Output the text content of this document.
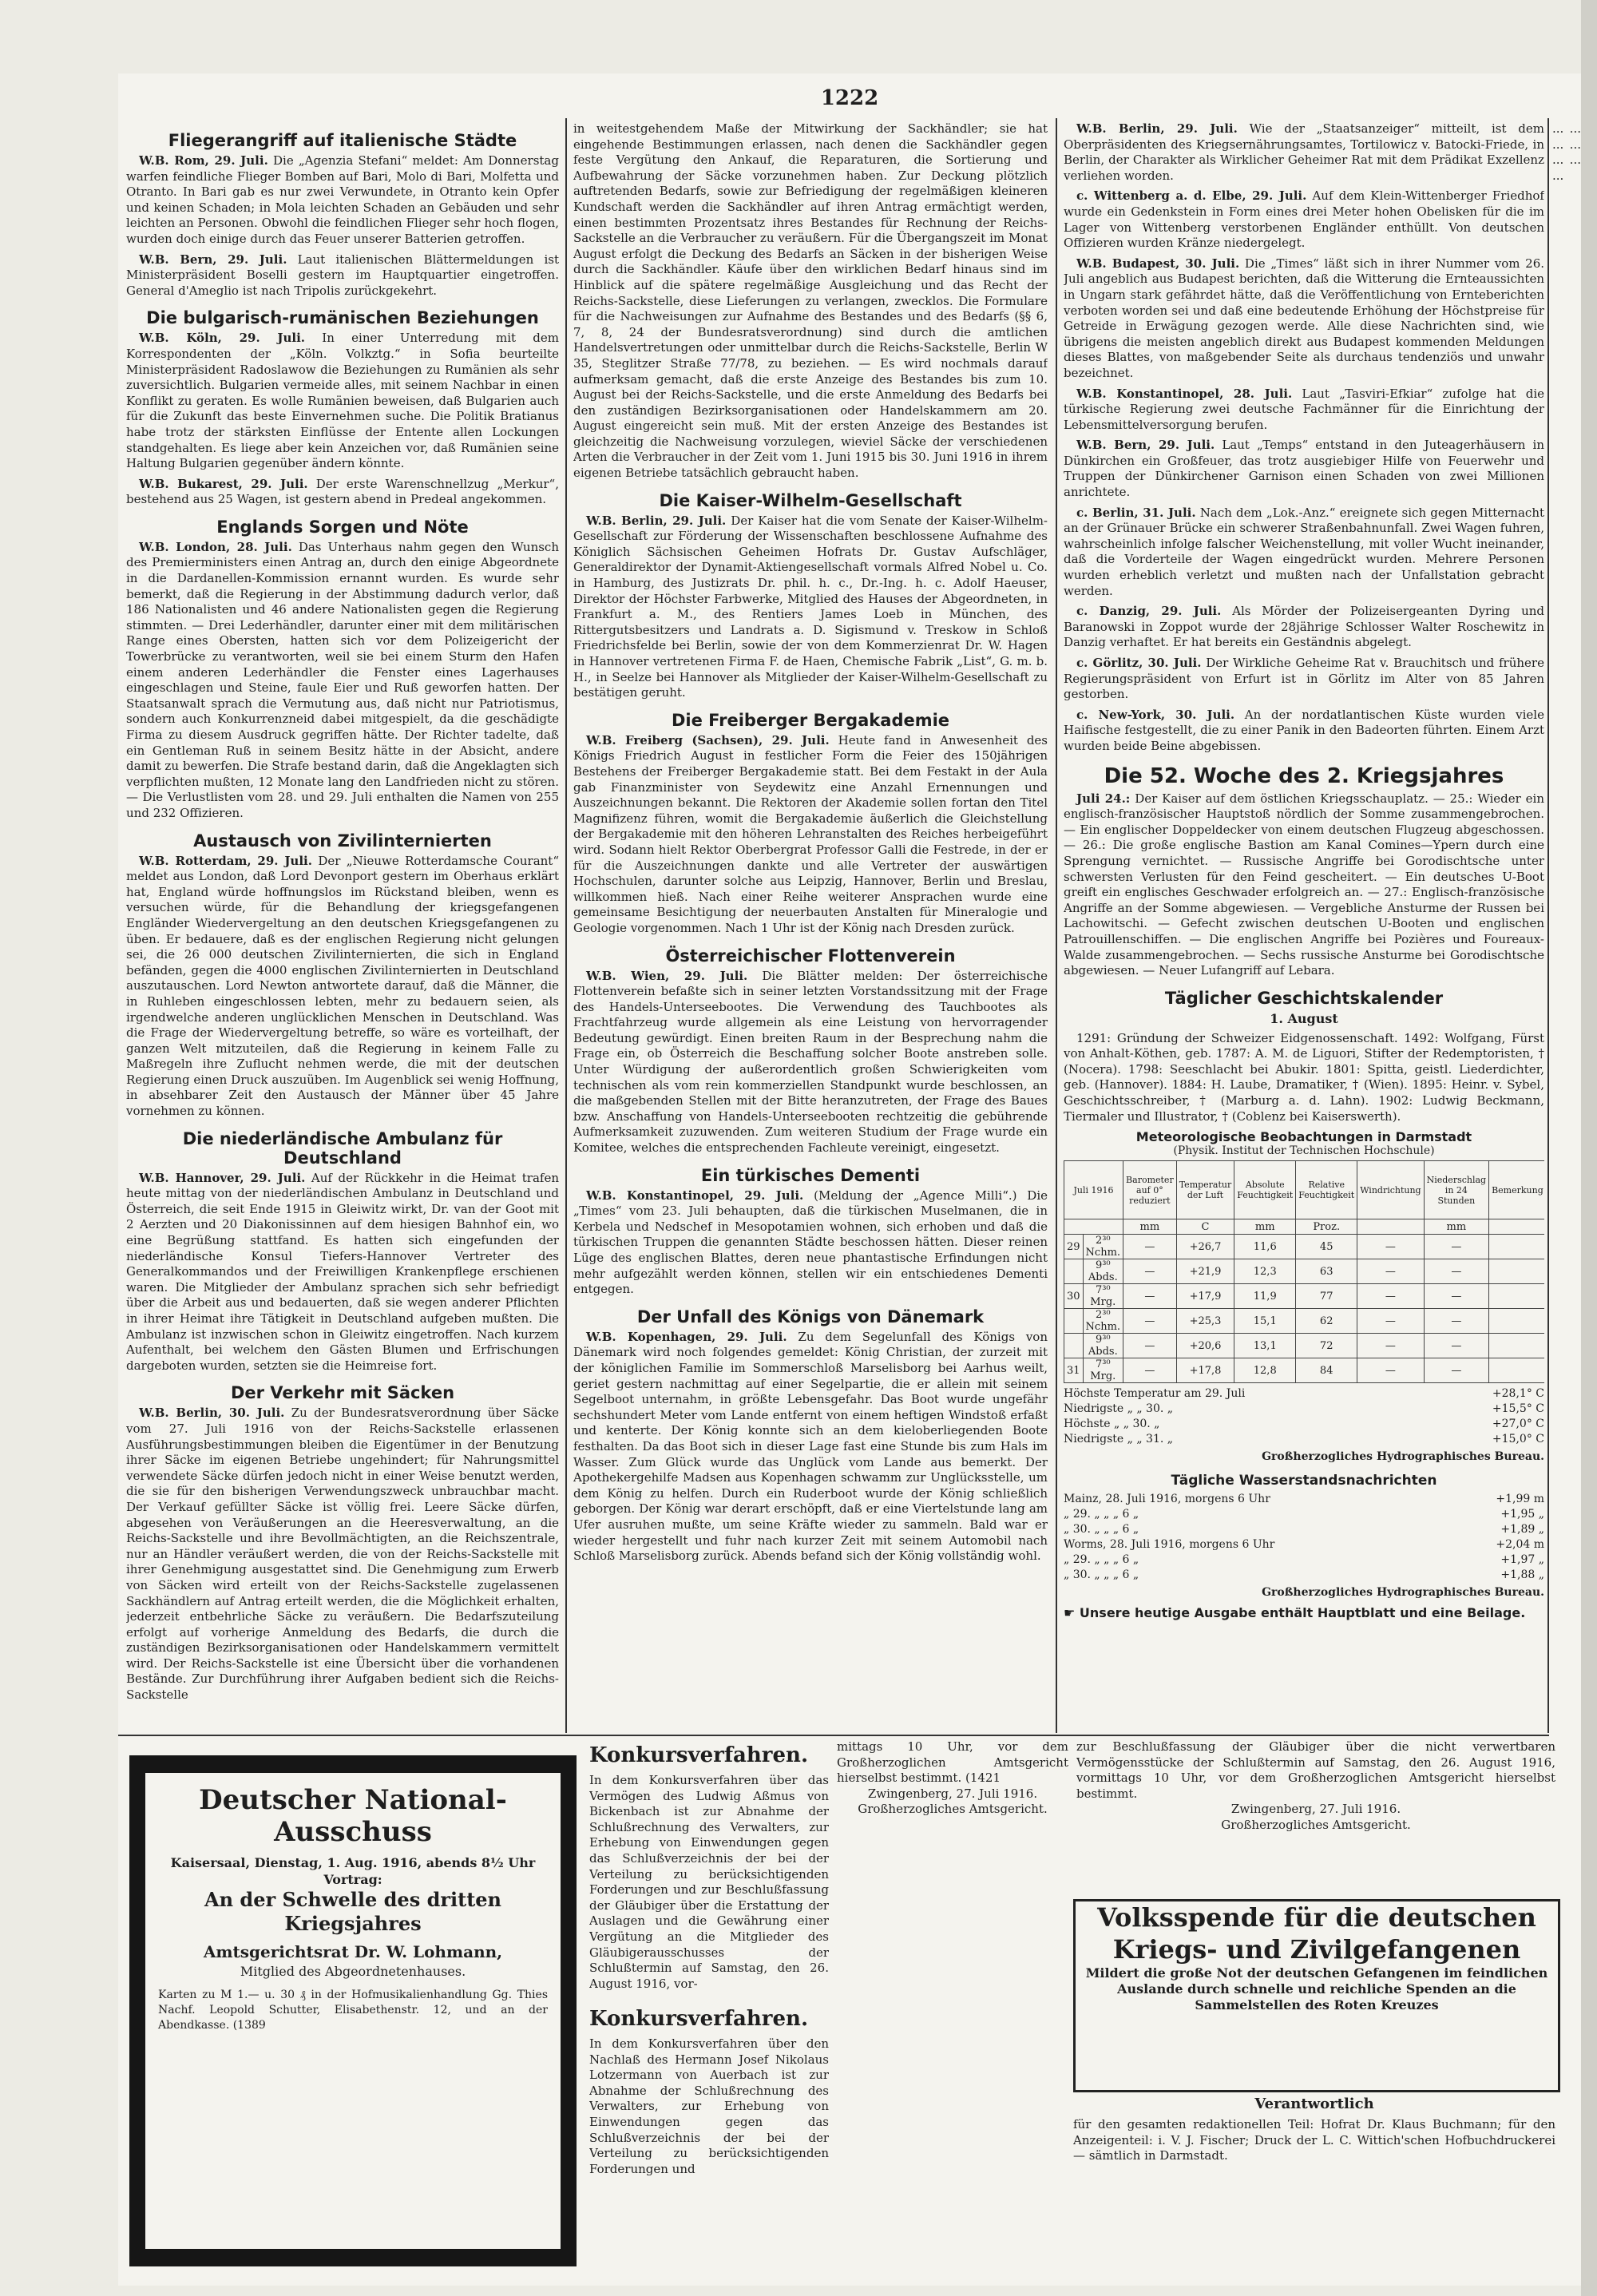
1222
Fliegerangriff auf italienische Städte

W.B. Rom, 29. Juli. Die „Agenzia Stefani“ meldet: Am Donnerstag warfen feindliche Flieger Bomben auf Bari, Molo di Bari, Molfetta und Otranto. In Bari gab es nur zwei Verwundete, in Otranto kein Opfer und keinen Schaden; in Mola leichten Schaden an Gebäuden und sehr leichten an Personen. Obwohl die feindlichen Flieger sehr hoch flogen, wurden doch einige durch das Feuer unserer Batterien getroffen.

W.B. Bern, 29. Juli. Laut italienischen Blättermeldungen ist Ministerpräsident Boselli gestern im Hauptquartier eingetroffen. General d'Ameglio ist nach Tripolis zurückgekehrt.

Die bulgarisch-rumänischen Beziehungen

W.B. Köln, 29. Juli. In einer Unterredung mit dem Korrespondenten der „Köln. Volkztg.“ in Sofia beurteilte Ministerpräsident Radoslawow die Beziehungen zu Rumänien als sehr zuversichtlich. Bulgarien vermeide alles, mit seinem Nachbar in einen Konflikt zu geraten. Es wolle Rumänien beweisen, daß Bulgarien auch für die Zukunft das beste Einvernehmen suche. Die Politik Bratianus habe trotz der stärksten Einflüsse der Entente allen Lockungen standgehalten. Es liege aber kein Anzeichen vor, daß Rumänien seine Haltung Bulgarien gegenüber ändern könnte.

W.B. Bukarest, 29. Juli. Der erste Warenschnellzug „Merkur“, bestehend aus 25 Wagen, ist gestern abend in Predeal angekommen.

Englands Sorgen und Nöte

W.B. London, 28. Juli. Das Unterhaus nahm gegen den Wunsch des Premierministers einen Antrag an, durch den einige Abgeordnete in die Dardanellen-Kommission ernannt wurden. Es wurde sehr bemerkt, daß die Regierung in der Abstimmung dadurch verlor, daß 186 Nationalisten und 46 andere Nationalisten gegen die Regierung stimmten. — Drei Lederhändler, darunter einer mit dem militärischen Range eines Obersten, hatten sich vor dem Polizeigericht der Towerbrücke zu verantworten, weil sie bei einem Sturm den Hafen einem anderen Lederhändler die Fenster eines Lagerhauses eingeschlagen und Steine, faule Eier und Ruß geworfen hatten. Der Staatsanwalt sprach die Vermutung aus, daß nicht nur Patriotismus, sondern auch Konkurrenzneid dabei mitgespielt, da die geschädigte Firma zu diesem Ausdruck gegriffen hätte. Der Richter tadelte, daß ein Gentleman Ruß in seinem Besitz hätte in der Absicht, andere damit zu bewerfen. Die Strafe bestand darin, daß die Angeklagten sich verpflichten mußten, 12 Monate lang den Landfrieden nicht zu stören. — Die Verlustlisten vom 28. und 29. Juli enthalten die Namen von 255 und 232 Offizieren.

Austausch von Zivilinternierten

W.B. Rotterdam, 29. Juli. Der „Nieuwe Rotterdamsche Courant“ meldet aus London, daß Lord Devonport gestern im Oberhaus erklärt hat, England würde hoffnungslos im Rückstand bleiben, wenn es versuchen würde, für die Behandlung der kriegsgefangenen Engländer Wiedervergeltung an den deutschen Kriegsgefangenen zu üben. Er bedauere, daß es der englischen Regierung nicht gelungen sei, die 26 000 deutschen Zivilinternierten, die sich in England befänden, gegen die 4000 englischen Zivilinternierten in Deutschland auszutauschen. Lord Newton antwortete darauf, daß die Männer, die in Ruhleben eingeschlossen lebten, mehr zu bedauern seien, als irgendwelche anderen unglücklichen Menschen in Deutschland. Was die Frage der Wiedervergeltung betreffe, so wäre es vorteilhaft, der ganzen Welt mitzuteilen, daß die Regierung in keinem Falle zu Maßregeln ihre Zuflucht nehmen werde, die mit der deutschen Regierung einen Druck auszuüben. Im Augenblick sei wenig Hoffnung, in absehbarer Zeit den Austausch der Männer über 45 Jahre vornehmen zu können.

Die niederländische Ambulanz für Deutschland

W.B. Hannover, 29. Juli. Auf der Rückkehr in die Heimat trafen heute mittag von der niederländischen Ambulanz in Deutschland und Österreich, die seit Ende 1915 in Gleiwitz wirkt, Dr. van der Goot mit 2 Aerzten und 20 Diakonissinnen auf dem hiesigen Bahnhof ein, wo eine Begrüßung stattfand. Es hatten sich eingefunden der niederländische Konsul Tiefers-Hannover Vertreter des Generalkommandos und der Freiwilligen Krankenpflege erschienen waren. Die Mitglieder der Ambulanz sprachen sich sehr befriedigt über die Arbeit aus und bedauerten, daß sie wegen anderer Pflichten in ihrer Heimat ihre Tätigkeit in Deutschland aufgeben mußten. Die Ambulanz ist inzwischen schon in Gleiwitz eingetroffen. Nach kurzem Aufenthalt, bei welchem den Gästen Blumen und Erfrischungen dargeboten wurden, setzten sie die Heimreise fort.

Der Verkehr mit Säcken

W.B. Berlin, 30. Juli. Zu der Bundesratsverordnung über Säcke vom 27. Juli 1916 von der Reichs-Sackstelle erlassenen Ausführungsbestimmungen bleiben die Eigentümer in der Benutzung ihrer Säcke im eigenen Betriebe ungehindert; für Nahrungsmittel verwendete Säcke dürfen jedoch nicht in einer Weise benutzt werden, die sie für den bisherigen Verwendungszweck unbrauchbar macht. Der Verkauf gefüllter Säcke ist völlig frei. Leere Säcke dürfen, abgesehen von Veräußerungen an die Heeresverwaltung, an die Reichs-Sackstelle und ihre Bevollmächtigten, an die Reichszentrale, nur an Händler veräußert werden, die von der Reichs-Sackstelle mit ihrer Genehmigung ausgestattet sind. Die Genehmigung zum Erwerb von Säcken wird erteilt von der Reichs-Sackstelle zugelassenen Sackhändlern auf Antrag erteilt werden, die die Möglichkeit erhalten, jederzeit entbehrliche Säcke zu veräußern. Die Bedarfszuteilung erfolgt auf vorherige Anmeldung des Bedarfs, die durch die zuständigen Bezirksorganisationen oder Handelskammern vermittelt wird. Der Reichs-Sackstelle ist eine Übersicht über die vorhandenen Bestände. Zur Durchführung ihrer Aufgaben bedient sich die Reichs-Sackstelle

in weitestgehendem Maße der Mitwirkung der Sackhändler; sie hat eingehende Bestimmungen erlassen, nach denen die Sackhändler gegen feste Vergütung den Ankauf, die Reparaturen, die Sortierung und Aufbewahrung der Säcke vorzunehmen haben. Zur Deckung plötzlich auftretenden Bedarfs, sowie zur Befriedigung der regelmäßigen kleineren Kundschaft werden die Sackhändler auf ihren Antrag ermächtigt werden, einen bestimmten Prozentsatz ihres Bestandes für Rechnung der Reichs-Sackstelle an die Verbraucher zu veräußern. Für die Übergangszeit im Monat August erfolgt die Deckung des Bedarfs an Säcken in der bisherigen Weise durch die Sackhändler. Käufe über den wirklichen Bedarf hinaus sind im Hinblick auf die spätere regelmäßige Ausgleichung und das Recht der Reichs-Sackstelle, diese Lieferungen zu verlangen, zwecklos. Die Formulare für die Nachweisungen zur Aufnahme des Bestandes und des Bedarfs (§§ 6, 7, 8, 24 der Bundesratsverordnung) sind durch die amtlichen Handelsvertretungen oder unmittelbar durch die Reichs-Sackstelle, Berlin W 35, Steglitzer Straße 77/78, zu beziehen. — Es wird nochmals darauf aufmerksam gemacht, daß die erste Anzeige des Bestandes bis zum 10. August bei der Reichs-Sackstelle, und die erste Anmeldung des Bedarfs bei den zuständigen Bezirksorganisationen oder Handelskammern am 20. August eingereicht sein muß. Mit der ersten Anzeige des Bestandes ist gleichzeitig die Nachweisung vorzulegen, wieviel Säcke der verschiedenen Arten die Verbraucher in der Zeit vom 1. Juni 1915 bis 30. Juni 1916 in ihrem eigenen Betriebe tatsächlich gebraucht haben.

Die Kaiser-Wilhelm-Gesellschaft

W.B. Berlin, 29. Juli. Der Kaiser hat die vom Senate der Kaiser-Wilhelm-Gesellschaft zur Förderung der Wissenschaften beschlossene Aufnahme des Königlich Sächsischen Geheimen Hofrats Dr. Gustav Aufschläger, Generaldirektor der Dynamit-Aktiengesellschaft vormals Alfred Nobel u. Co. in Hamburg, des Justizrats Dr. phil. h. c., Dr.-Ing. h. c. Adolf Haeuser, Direktor der Höchster Farbwerke, Mitglied des Hauses der Abgeordneten, in Frankfurt a. M., des Rentiers James Loeb in München, des Rittergutsbesitzers und Landrats a. D. Sigismund v. Treskow in Schloß Friedrichsfelde bei Berlin, sowie der von dem Kommerzienrat Dr. W. Hagen in Hannover vertretenen Firma F. de Haen, Chemische Fabrik „List“, G. m. b. H., in Seelze bei Hannover als Mitglieder der Kaiser-Wilhelm-Gesellschaft zu bestätigen geruht.

Die Freiberger Bergakademie

W.B. Freiberg (Sachsen), 29. Juli. Heute fand in Anwesenheit des Königs Friedrich August in festlicher Form die Feier des 150jährigen Bestehens der Freiberger Bergakademie statt. Bei dem Festakt in der Aula gab Finanzminister von Seydewitz eine Anzahl Ernennungen und Auszeichnungen bekannt. Die Rektoren der Akademie sollen fortan den Titel Magnifizenz führen, womit die Bergakademie äußerlich die Gleichstellung der Bergakademie mit den höheren Lehranstalten des Reiches herbeigeführt wird. Sodann hielt Rektor Oberbergrat Professor Galli die Festrede, in der er für die Auszeichnungen dankte und alle Vertreter der auswärtigen Hochschulen, darunter solche aus Leipzig, Hannover, Berlin und Breslau, willkommen hieß. Nach einer Reihe weiterer Ansprachen wurde eine gemeinsame Besichtigung der neuerbauten Anstalten für Mineralogie und Geologie vorgenommen. Nach 1 Uhr ist der König nach Dresden zurück.

Österreichischer Flottenverein

W.B. Wien, 29. Juli. Die Blätter melden: Der österreichische Flottenverein befaßte sich in seiner letzten Vorstandssitzung mit der Frage des Handels-Unterseebootes. Die Verwendung des Tauchbootes als Frachtfahrzeug wurde allgemein als eine Leistung von hervorragender Bedeutung gewürdigt. Einen breiten Raum in der Besprechung nahm die Frage ein, ob Österreich die Beschaffung solcher Boote anstreben solle. Unter Würdigung der außerordentlich großen Schwierigkeiten vom technischen als vom rein kommerziellen Standpunkt wurde beschlossen, an die maßgebenden Stellen mit der Bitte heranzutreten, der Frage des Baues bzw. Anschaffung von Handels-Unterseebooten rechtzeitig die gebührende Aufmerksamkeit zuzuwenden. Zum weiteren Studium der Frage wurde ein Komitee, welches die entsprechenden Fachleute vereinigt, eingesetzt.

Ein türkisches Dementi

W.B. Konstantinopel, 29. Juli. (Meldung der „Agence Milli“.) Die „Times“ vom 23. Juli behaupten, daß die türkischen Muselmanen, die in Kerbela und Nedschef in Mesopotamien wohnen, sich erhoben und daß die türkischen Truppen die genannten Städte beschossen hätten. Dieser reinen Lüge des englischen Blattes, deren neue phantastische Erfindungen nicht mehr aufgezählt werden können, stellen wir ein entschiedenes Dementi entgegen.

Der Unfall des Königs von Dänemark

W.B. Kopenhagen, 29. Juli. Zu dem Segelunfall des Königs von Dänemark wird noch folgendes gemeldet: König Christian, der zurzeit mit der königlichen Familie im Sommerschloß Marselisborg bei Aarhus weilt, geriet gestern nachmittag auf einer Segelpartie, die er allein mit seinem Segelboot unternahm, in größte Lebensgefahr. Das Boot wurde ungefähr sechshundert Meter vom Lande entfernt von einem heftigen Windstoß erfaßt und kenterte. Der König konnte sich an dem kieloberliegenden Boote festhalten. Da das Boot sich in dieser Lage fast eine Stunde bis zum Hals im Wasser. Zum Glück wurde das Unglück vom Lande aus bemerkt. Der Apothekergehilfe Madsen aus Kopenhagen schwamm zur Unglücksstelle, um dem König zu helfen. Durch ein Ruderboot wurde der König schließlich geborgen. Der König war derart erschöpft, daß er eine Viertelstunde lang am Ufer ausruhen mußte, um seine Kräfte wieder zu sammeln. Bald war er wieder hergestellt und fuhr nach kurzer Zeit mit seinem Automobil nach Schloß Marselisborg zurück. Abends befand sich der König vollständig wohl.

W.B. Berlin, 29. Juli. Wie der „Staatsanzeiger“ mitteilt, ist dem Oberpräsidenten des Kriegsernährungsamtes, Tortilowicz v. Batocki-Friede, in Berlin, der Charakter als Wirklicher Geheimer Rat mit dem Prädikat Exzellenz verliehen worden.

c. Wittenberg a. d. Elbe, 29. Juli. Auf dem Klein-Wittenberger Friedhof wurde ein Gedenkstein in Form eines drei Meter hohen Obelisken für die im Lager von Wittenberg verstorbenen Engländer enthüllt. Von deutschen Offizieren wurden Kränze niedergelegt.

W.B. Budapest, 30. Juli. Die „Times“ läßt sich in ihrer Nummer vom 26. Juli angeblich aus Budapest berichten, daß die Witterung die Ernteaussichten in Ungarn stark gefährdet hätte, daß die Veröffentlichung von Ernteberichten verboten worden sei und daß eine bedeutende Erhöhung der Höchstpreise für Getreide in Erwägung gezogen werde. Alle diese Nachrichten sind, wie übrigens die meisten angeblich direkt aus Budapest kommenden Meldungen dieses Blattes, von maßgebender Seite als durchaus tendenziös und unwahr bezeichnet.

W.B. Konstantinopel, 28. Juli. Laut „Tasviri-Efkiar“ zufolge hat die türkische Regierung zwei deutsche Fachmänner für die Einrichtung der Lebensmittelversorgung berufen.

W.B. Bern, 29. Juli. Laut „Temps“ entstand in den Juteagerhäusern in Dünkirchen ein Großfeuer, das trotz ausgiebiger Hilfe von Feuerwehr und Truppen der Dünkirchener Garnison einen Schaden von zwei Millionen anrichtete.

c. Berlin, 31. Juli. Nach dem „Lok.-Anz.“ ereignete sich gegen Mitternacht an der Grünauer Brücke ein schwerer Straßenbahnunfall. Zwei Wagen fuhren, wahrscheinlich infolge falscher Weichenstellung, mit voller Wucht ineinander, daß die Vorderteile der Wagen eingedrückt wurden. Mehrere Personen wurden erheblich verletzt und mußten nach der Unfallstation gebracht werden.

c. Danzig, 29. Juli. Als Mörder der Polizeisergeanten Dyring und Baranowski in Zoppot wurde der 28jährige Schlosser Walter Roschewitz in Danzig verhaftet. Er hat bereits ein Geständnis abgelegt.

c. Görlitz, 30. Juli. Der Wirkliche Geheime Rat v. Brauchitsch und frühere Regierungspräsident von Erfurt ist in Görlitz im Alter von 85 Jahren gestorben.

c. New-York, 30. Juli. An der nordatlantischen Küste wurden viele Haifische festgestellt, die zu einer Panik in den Badeorten führten. Einem Arzt wurden beide Beine abgebissen.

Die 52. Woche des 2. Kriegsjahres

Juli 24.: Der Kaiser auf dem östlichen Kriegsschauplatz. — 25.: Wieder ein englisch-französischer Hauptstoß nördlich der Somme zusammengebrochen. — Ein englischer Doppeldecker von einem deutschen Flugzeug abgeschossen. — 26.: Die große englische Bastion am Kanal Comines—Ypern durch eine Sprengung vernichtet. — Russische Angriffe bei Gorodischtsche unter schwersten Verlusten für den Feind gescheitert. — Ein deutsches U-Boot greift ein englisches Geschwader erfolgreich an. — 27.: Englisch-französische Angriffe an der Somme abgewiesen. — Vergebliche Ansturme der Russen bei Lachowitschi. — Gefecht zwischen deutschen U-Booten und englischen Patrouillenschiffen. — Die englischen Angriffe bei Pozières und Foureaux-Walde zusammengebrochen. — Sechs russische Ansturme bei Gorodischtsche abgewiesen. — Neuer Lufangriff auf Lebara.

Täglicher Geschichtskalender
1. August

1291: Gründung der Schweizer Eidgenossenschaft. 1492: Wolfgang, Fürst von Anhalt-Köthen, geb. 1787: A. M. de Liguori, Stifter der Redemptoristen, † (Nocera). 1798: Seeschlacht bei Abukir. 1801: Spitta, geistl. Liederdichter, geb. (Hannover). 1884: H. Laube, Dramatiker, † (Wien). 1895: Heinr. v. Sybel, Geschichtsschreiber, † (Marburg a. d. Lahn). 1902: Ludwig Beckmann, Tiermaler und Illustrator, † (Coblenz bei Kaiserswerth).

Meteorologische Beobachtungen in Darmstadt
(Physik. Institut der Technischen Hochschule)
Juli 1916		Barometer auf 0° reduziert	Temperatur der Luft	Absolute Feuchtigkeit	Relative Feuchtigkeit	Windrichtung	Niederschlag in 24 Stunden	Bemerkung
		mm	C	mm	Proz.		mm	
29	2³⁰ Nchm.	—	+26,7	11,6	45	—	—	
	9³⁰ Abds.	—	+21,9	12,3	63	—	—	
30	7³⁰ Mrg.	—	+17,9	11,9	77	—	—	
	2³⁰ Nchm.	—	+25,3	15,1	62	—	—	
	9³⁰ Abds.	—	+20,6	13,1	72	—	—	
31	7³⁰ Mrg.	—	+17,8	12,8	84	—	—	
Höchste Temperatur am 29. Juli	+28,1° C
Niedrigste „ „ 30. „	+15,5° C
Höchste „ „ 30. „	+27,0° C
Niedrigste „ „ 31. „	+15,0° C
Großherzogliches Hydrographisches Bureau.
Tägliche Wasserstandsnachrichten
Mainz, 28. Juli 1916, morgens 6 Uhr	+1,99 m
„ 29. „ „ „ 6 „	+1,95 „
„ 30. „ „ „ 6 „	+1,89 „
Worms, 28. Juli 1916, morgens 6 Uhr	+2,04 m
„ 29. „ „ „ 6 „	+1,97 „
„ 30. „ „ „ 6 „	+1,88 „
Großherzogliches Hydrographisches Bureau.
☛ Unsere heutige Ausgabe enthält Hauptblatt und eine Beilage.

... ... ... ... ... ... ...

Deutscher National-Ausschuss
Kaisersaal, Dienstag, 1. Aug. 1916, abends 8½ Uhr
Vortrag:
An der Schwelle des dritten Kriegsjahres
Amtsgerichtsrat Dr. W. Lohmann,
Mitglied des Abgeordnetenhauses.
Karten zu M 1.— u. 30 ₰ in der Hofmusikalienhandlung Gg. Thies Nachf. Leopold Schutter, Elisabethenstr. 12, und an der Abendkasse. (1389
Konkursverfahren.

In dem Konkursverfahren über das Vermögen des Ludwig Aßmus von Bickenbach ist zur Abnahme der Schlußrechnung des Verwalters, zur Erhebung von Einwendungen gegen das Schlußverzeichnis der bei der Verteilung zu berücksichtigenden Forderungen und zur Beschlußfassung der Gläubiger über die Erstattung der Auslagen und die Gewährung einer Vergütung an die Mitglieder des Gläubigerausschusses der Schlußtermin auf Samstag, den 26. August 1916, vor-

Konkursverfahren.

In dem Konkursverfahren über den Nachlaß des Hermann Josef Nikolaus Lotzermann von Auerbach ist zur Abnahme der Schlußrechnung des Verwalters, zur Erhebung von Einwendungen gegen das Schlußverzeichnis der bei der Verteilung zu berücksichtigenden Forderungen und

mittags 10 Uhr, vor dem Großherzoglichen Amtsgericht hierselbst bestimmt. (1421

Zwingenberg, 27. Juli 1916.

Großherzogliches Amtsgericht.

zur Beschlußfassung der Gläubiger über die nicht verwertbaren Vermögensstücke der Schlußtermin auf Samstag, den 26. August 1916, vormittags 10 Uhr, vor dem Großherzoglichen Amtsgericht hierselbst bestimmt.

Zwingenberg, 27. Juli 1916.

Großherzogliches Amtsgericht.

Volksspende für die deutschen
Kriegs- und Zivilgefangenen
Mildert die große Not der deutschen Gefangenen im feindlichen Auslande durch schnelle und reichliche Spenden an die Sammelstellen des Roten Kreuzes
Verantwortlich

für den gesamten redaktionellen Teil: Hofrat Dr. Klaus Buchmann; für den Anzeigenteil: i. V. J. Fischer; Druck der L. C. Wittich'schen Hofbuchdruckerei — sämtlich in Darmstadt.
